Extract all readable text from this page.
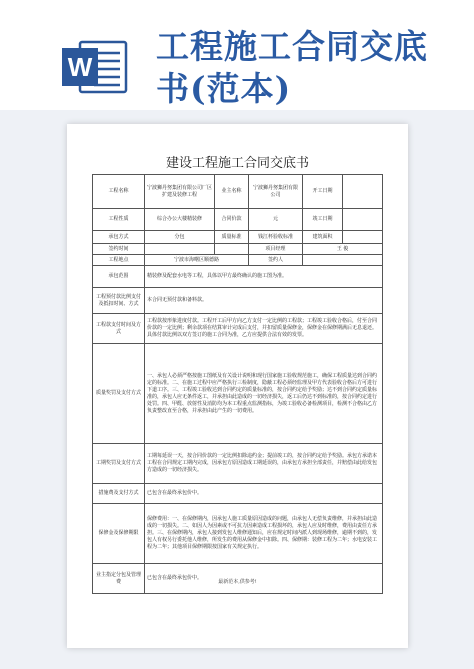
W
工程施工合同交底
书(范本)
建设工程施工合同交底书
工程名称	宁波狮丹努集团有限公司厂区扩建及装修工程	业主名称	宁波狮丹努集团有限公司	开工日期	
工程性质	综合办公大楼精装修	合同价款	元	竣工日期	
承包方式	分包	质量标准	钱江杯验收标准	建筑面积	
签约时间			项目经理	王 俊	
工程地点	宁波市海曙区顺德路		签约人		
承包范围	精装修及配套水电等工程，具体以甲方最终确认的施工图为准。				
工程预付款比例支付及抵扣时间、方式	本合同无预付款和备料款。				
工程款支付时间及方式	工程款按形象进度付款。工程开工后甲方向乙方支付一定比例的工程款；工程竣工验收合格后，付至合同价款的一定比例；剩余款项在结算审计完成后支付，并扣留质量保修金，保修金在保修期满后无息退还。具体付款比例以双方签订的施工合同为准，乙方应提供合法有效的发票。				
质量奖罚及支付方式	一、承包人必须严格按施工图纸及有关设计说明和现行国家施工验收规范施工，确保工程质量达到合同约定的标准。二、在施工过程中应严格执行三检制度，隐蔽工程必须经监理及甲方代表验收合格后方可进行下道工序。三、工程竣工验收达到合同约定的质量标准的，按合同约定给予奖励；达不到合同约定质量标准的，承包人应无条件返工，并承担由此造成的一切经济损失，返工后仍达不到标准的，按合同约定进行处罚。四、甲醛、放射性及消防均为本工程重点监测指标，为竣工验收必备检测项目，检测不合格由乙方负责整改直至合格，并承担由此产生的一切费用。				
工期奖罚及支付方式	工期每延误一天，按合同价款的一定比例扣除违约金；提前竣工的，按合同约定给予奖励。承包方承诺本工程在合同规定工期内完成，因承包方原因造成工期延误的，由承包方承担全部责任，并赔偿由此给发包方造成的一切经济损失。				
措施费及支付方式	已包含在最终承包价中。				
保修金及保修期限	保修费用：一、在保修期内，因承包人施工质量原因造成的问题，由承包人无偿负责维修，并承担由此造成的一切损失。二、如因人为因素或不可抗力因素造成工程损坏的，承包人应及时维修，费用由责任方承担。三、在保修期内，承包人接到发包人维修通知后，应在规定时间内派人到现场维修，逾期不到的，发包人有权另行委托他人维修，所发生的费用从保修金中扣除。四、保修期：装修工程为二年；水电安装工程为二年；其他项目保修期限按国家有关规定执行。				
业主指定分包及管理费	已包含在最终承包价中。				
最新范本,供参考!
